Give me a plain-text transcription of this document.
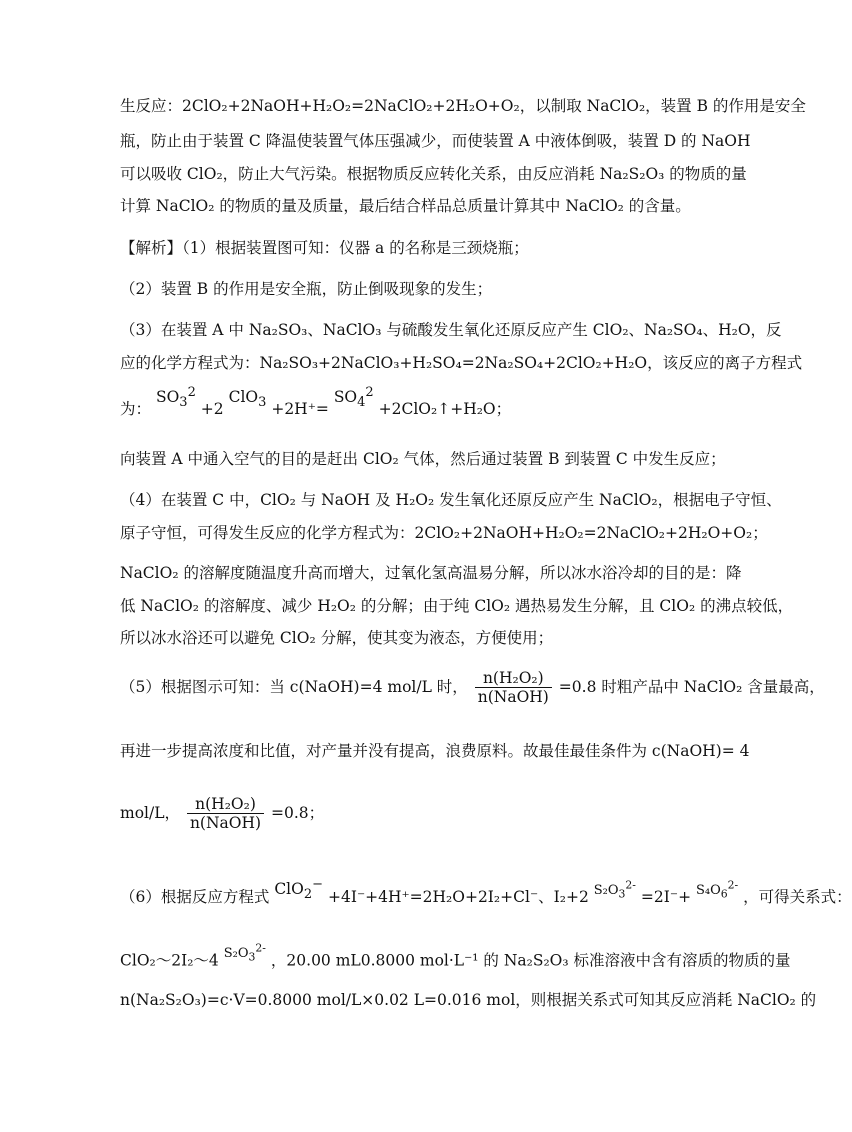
生反应：2ClO₂+2NaOH+H₂O₂=2NaClO₂+2H₂O+O₂，以制取 NaClO₂，装置 B 的作用是安全
瓶，防止由于装置 C 降温使装置气体压强减少，而使装置 A 中液体倒吸，装置 D 的 NaOH
可以吸收 ClO₂，防止大气污染。根据物质反应转化关系，由反应消耗 Na₂S₂O₃ 的物质的量
计算 NaClO₂ 的物质的量及质量，最后结合样品总质量计算其中 NaClO₂ 的含量。
【解析】（1）根据装置图可知：仪器 a 的名称是三颈烧瓶；
（2）装置 B 的作用是安全瓶，防止倒吸现象的发生；
（3）在装置 A 中 Na₂SO₃、NaClO₃ 与硫酸发生氧化还原反应产生 ClO₂、Na₂SO₄、H₂O，反
应的化学方程式为：Na₂SO₃+2NaClO₃+H₂SO₄=2Na₂SO₄+2ClO₂+H₂O，该反应的离子方程式
为： $SO_3^2 +2$ $ClO_3 +2H^+= SO_4^2$ +2ClO₂↑+H₂O；
向装置 A 中通入空气的目的是赶出 ClO₂ 气体，然后通过装置 B 到装置 C 中发生反应；
（4）在装置 C 中，ClO₂ 与 NaOH 及 H₂O₂ 发生氧化还原反应产生 NaClO₂，根据电子守恒、
原子守恒，可得发生反应的化学方程式为：2ClO₂+2NaOH+H₂O₂=2NaClO₂+2H₂O+O₂；
NaClO₂ 的溶解度随温度升高而增大，过氧化氢高温易分解，所以冰水浴冷却的目的是：降
低 NaClO₂ 的溶解度、减少 H₂O₂ 的分解；由于纯 ClO₂ 遇热易发生分解，且 ClO₂ 的沸点较低，
所以冰水浴还可以避免 ClO₂ 分解，使其变为液态，方便使用；
（5）根据图示可知：当 c(NaOH)=4 mol/L 时， $\frac{\text{n(H₂O₂)}}{\text{n(NaOH)}} =0.8$ 时粗产品中 NaClO₂ 含量最高，
再进一步提高浓度和比值，对产量并没有提高，浪费原料。故最佳最佳条件为 c(NaOH)= 4
mol/L， $\frac{\text{n(H₂O₂)}}{\text{n(NaOH)}} =0.8$；
（6）根据反应方程式 ClO$_2$− +4I⁻+4H⁺=2H₂O+2I₂+Cl⁻、I₂+2 $^{S_2O_3^{2-}}$ =2I⁻+ $^{S_4O_6^{2-}}$ ，可得关系式：
ClO₂～2I₂～4 $^{S_2O_3^{2-}}$ ，20.00 mL0.8000 mol·L⁻¹ 的 Na₂S₂O₃ 标准溶液中含有溶质的物质的量
n(Na₂S₂O₃)=c·V=0.8000 mol/L×0.02 L=0.016 mol，则根据关系式可知其反应消耗 NaClO₂ 的
